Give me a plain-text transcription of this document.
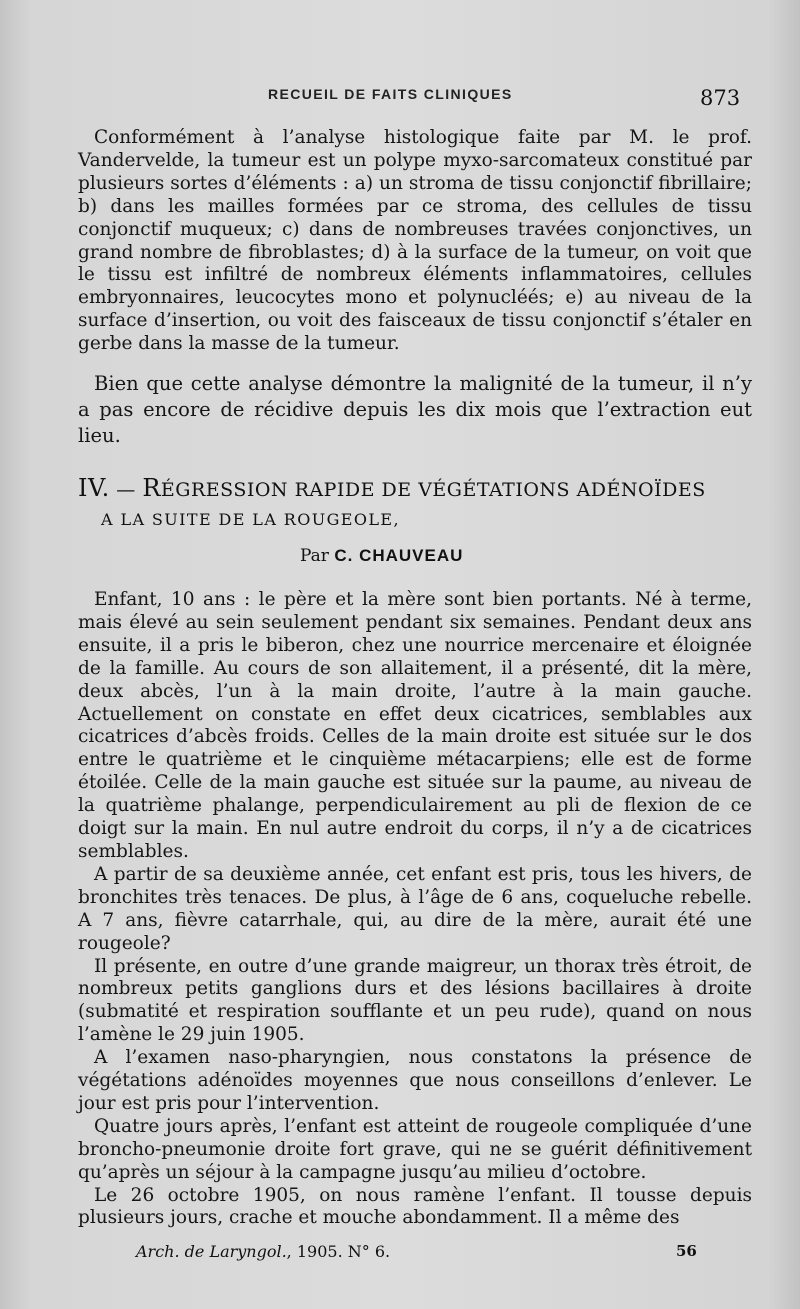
RECUEIL DE FAITS CLINIQUES	873

Conformément à l’analyse histologique faite par M. le prof. Vandervelde, la tumeur est un polype myxo-sarcomateux constitué par plusieurs sortes d’éléments : a) un stroma de tissu conjonctif fibrillaire; b) dans les mailles formées par ce stroma, des cellules de tissu conjonctif muqueux; c) dans de nombreuses travées conjonctives, un grand nombre de fibroblastes; d) à la surface de la tumeur, on voit que le tissu est infiltré de nombreux éléments inflammatoires, cellules embryonnaires, leucocytes mono et polynucléés; e) au niveau de la surface d’insertion, ou voit des faisceaux de tissu conjonctif s’étaler en gerbe dans la masse de la tumeur.

Bien que cette analyse démontre la malignité de la tumeur, il n’y a pas encore de récidive depuis les dix mois que l’extraction eut lieu.

IV. — RÉGRESSION RAPIDE DE VÉGÉTATIONS ADÉNOÏDES
A LA SUITE DE LA ROUGEOLE,
Par C. CHAUVEAU

Enfant, 10 ans : le père et la mère sont bien portants. Né à terme, mais élevé au sein seulement pendant six semaines. Pendant deux ans ensuite, il a pris le biberon, chez une nourrice mercenaire et éloignée de la famille. Au cours de son allaitement, il a présenté, dit la mère, deux abcès, l’un à la main droite, l’autre à la main gauche. Actuellement on constate en effet deux cicatrices, semblables aux cicatrices d’abcès froids. Celles de la main droite est située sur le dos entre le quatrième et le cinquième métacarpiens; elle est de forme étoilée. Celle de la main gauche est située sur la paume, au niveau de la quatrième phalange, perpendiculairement au pli de flexion de ce doigt sur la main. En nul autre endroit du corps, il n’y a de cicatrices semblables.

A partir de sa deuxième année, cet enfant est pris, tous les hivers, de bronchites très tenaces. De plus, à l’âge de 6 ans, coqueluche rebelle. A 7 ans, fièvre catarrhale, qui, au dire de la mère, aurait été une rougeole?

Il présente, en outre d’une grande maigreur, un thorax très étroit, de nombreux petits ganglions durs et des lésions bacillaires à droite (submatité et respiration soufflante et un peu rude), quand on nous l’amène le 29 juin 1905.

A l’examen naso-pharyngien, nous constatons la présence de végétations adénoïdes moyennes que nous conseillons d’enlever. Le jour est pris pour l’intervention.

Quatre jours après, l’enfant est atteint de rougeole compliquée d’une broncho-pneumonie droite fort grave, qui ne se guérit définitivement qu’après un séjour à la campagne jusqu’au milieu d’octobre.

Le 26 octobre 1905, on nous ramène l’enfant. Il tousse depuis plusieurs jours, crache et mouche abondamment. Il a même des

Arch. de Laryngol., 1905. N° 6.	56
